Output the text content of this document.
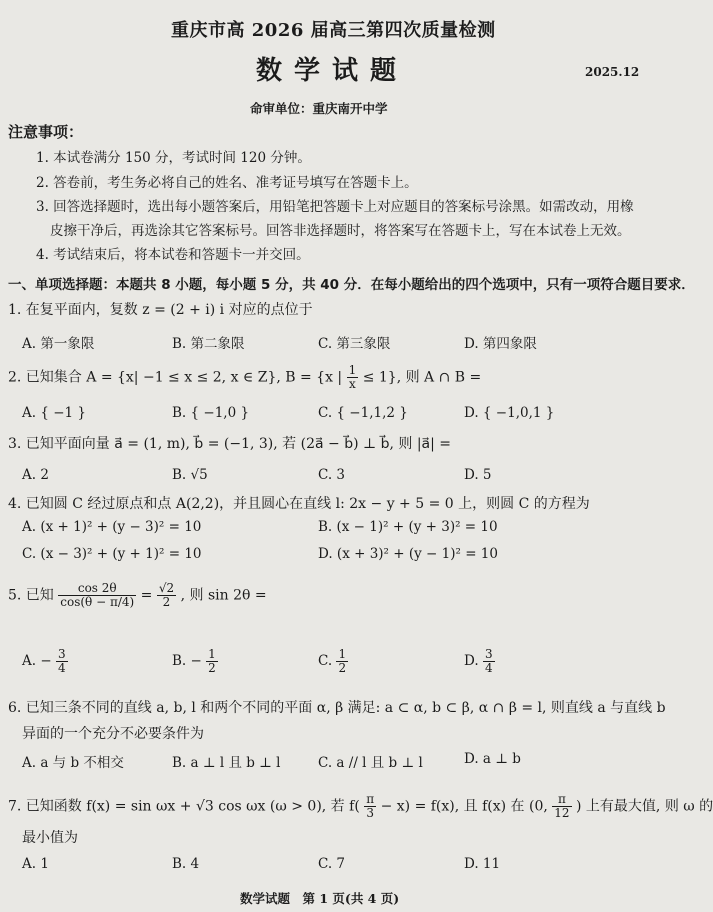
重庆市高 2026 届高三第四次质量检测
数学试题	2025.12
命审单位：重庆南开中学
注意事项：
1. 本试卷满分 150 分，考试时间 120 分钟。
2. 答卷前，考生务必将自己的姓名、准考证号填写在答题卡上。
3. 回答选择题时，选出每小题答案后，用铅笔把答题卡上对应题目的答案标号涂黑。如需改动，用橡
皮擦干净后，再选涂其它答案标号。回答非选择题时，将答案写在答题卡上，写在本试卷上无效。
4. 考试结束后，将本试卷和答题卡一并交回。
一、单项选择题：本题共 8 小题，每小题 5 分，共 40 分．在每小题给出的四个选项中，只有一项符合题目要求．
1. 在复平面内，复数 z = (2 + i) i 对应的点位于
A. 第一象限	B. 第二象限	C. 第三象限	D. 第四象限
2. 已知集合 A = {x| −1 ≤ x ≤ 2, x ∈ Z}, B = {x | $\frac{1}{x} \le 1$}, 则 A ∩ B =
A. { −1 }	B. { −1,0 }	C. { −1,1,2 }	D. { −1,0,1 }
3. 已知平面向量 a⃗ = (1, m), b⃗ = (−1, 3), 若 (2a⃗ − b⃗) ⊥ b⃗, 则 |a⃗| =
A. 2	B. √5	C. 3	D. 5
4. 已知圆 C 经过原点和点 A(2,2)，并且圆心在直线 l: 2x − y + 5 = 0 上，则圆 C 的方程为
A. (x + 1)² + (y − 3)² = 10	B. (x − 1)² + (y + 3)² = 10
C. (x − 3)² + (y + 1)² = 10	D. (x + 3)² + (y − 1)² = 10
5. 已知 $\frac{\cos 2\theta}{\cos(\theta - \pi/4)} = \frac{√2}{2}$ , 则 sin 2θ =
A. − $\frac{3}{4}$	B. − $\frac{1}{2}$	C. $\frac{1}{2}$	D. $\frac{3}{4}$
6. 已知三条不同的直线 a, b, l 和两个不同的平面 α, β 满足: a ⊂ α, b ⊂ β, α ∩ β = l, 则直线 a 与直线 b
异面的一个充分不必要条件为
A. a 与 b 不相交	B. a ⊥ l 且 b ⊥ l	C. a // l 且 b ⊥ l	D. a ⊥ b
7. 已知函数 f(x) = sin ωx + √3 cos ωx (ω > 0), 若 $f( \frac{\pi}{3} - x) = f(x)$, 且 f(x) 在 (0, $\frac{\pi}{12}$ ) 上有最大值, 则 ω 的
最小值为
A. 1	B. 4	C. 7	D. 11
数学试题　第 1 页(共 4 页)
